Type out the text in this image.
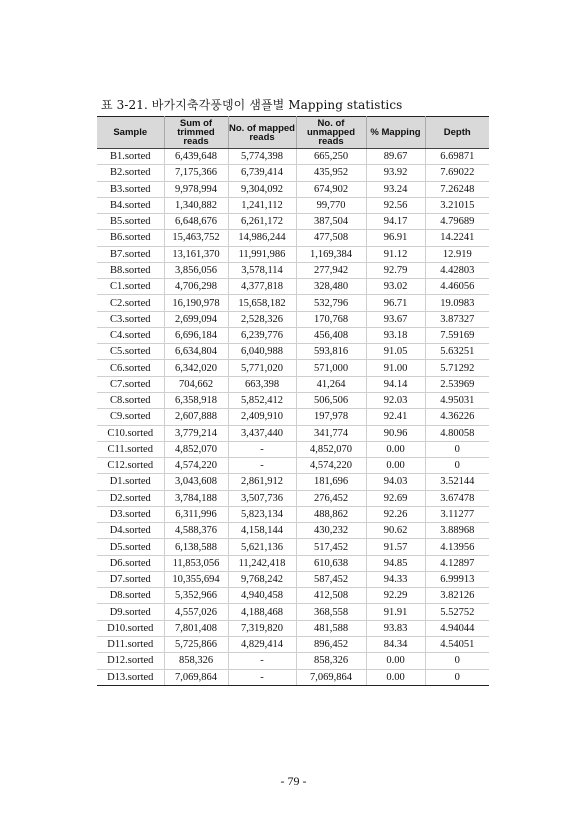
표 3-21. 바가지축각풍뎅이 샘플별 Mapping statistics
Sample	Sum of trimmed reads	No. of mapped reads	No. of unmapped reads	% Mapping	Depth
B1.sorted	6,439,648	5,774,398	665,250	89.67	6.69871
B2.sorted	7,175,366	6,739,414	435,952	93.92	7.69022
B3.sorted	9,978,994	9,304,092	674,902	93.24	7.26248
B4.sorted	1,340,882	1,241,112	99,770	92.56	3.21015
B5.sorted	6,648,676	6,261,172	387,504	94.17	4.79689
B6.sorted	15,463,752	14,986,244	477,508	96.91	14.2241
B7.sorted	13,161,370	11,991,986	1,169,384	91.12	12.919
B8.sorted	3,856,056	3,578,114	277,942	92.79	4.42803
C1.sorted	4,706,298	4,377,818	328,480	93.02	4.46056
C2.sorted	16,190,978	15,658,182	532,796	96.71	19.0983
C3.sorted	2,699,094	2,528,326	170,768	93.67	3.87327
C4.sorted	6,696,184	6,239,776	456,408	93.18	7.59169
C5.sorted	6,634,804	6,040,988	593,816	91.05	5.63251
C6.sorted	6,342,020	5,771,020	571,000	91.00	5.71292
C7.sorted	704,662	663,398	41,264	94.14	2.53969
C8.sorted	6,358,918	5,852,412	506,506	92.03	4.95031
C9.sorted	2,607,888	2,409,910	197,978	92.41	4.36226
C10.sorted	3,779,214	3,437,440	341,774	90.96	4.80058
C11.sorted	4,852,070	-	4,852,070	0.00	0
C12.sorted	4,574,220	-	4,574,220	0.00	0
D1.sorted	3,043,608	2,861,912	181,696	94.03	3.52144
D2.sorted	3,784,188	3,507,736	276,452	92.69	3.67478
D3.sorted	6,311,996	5,823,134	488,862	92.26	3.11277
D4.sorted	4,588,376	4,158,144	430,232	90.62	3.88968
D5.sorted	6,138,588	5,621,136	517,452	91.57	4.13956
D6.sorted	11,853,056	11,242,418	610,638	94.85	4.12897
D7.sorted	10,355,694	9,768,242	587,452	94.33	6.99913
D8.sorted	5,352,966	4,940,458	412,508	92.29	3.82126
D9.sorted	4,557,026	4,188,468	368,558	91.91	5.52752
D10.sorted	7,801,408	7,319,820	481,588	93.83	4.94044
D11.sorted	5,725,866	4,829,414	896,452	84.34	4.54051
D12.sorted	858,326	-	858,326	0.00	0
D13.sorted	7,069,864	-	7,069,864	0.00	0
- 79 -
